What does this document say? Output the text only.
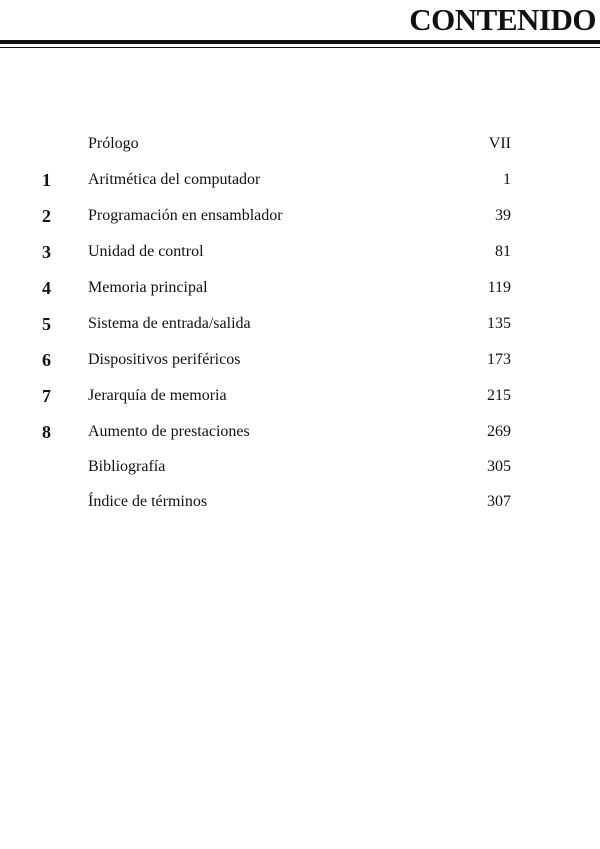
CONTENIDO
Prólogo	VII
1	Aritmética del computador	1
2	Programación en ensamblador	39
3	Unidad de control	81
4	Memoria principal	119
5	Sistema de entrada/salida	135
6	Dispositivos periféricos	173
7	Jerarquía de memoria	215
8	Aumento de prestaciones	269
Bibliografía	305
Índice de términos	307
